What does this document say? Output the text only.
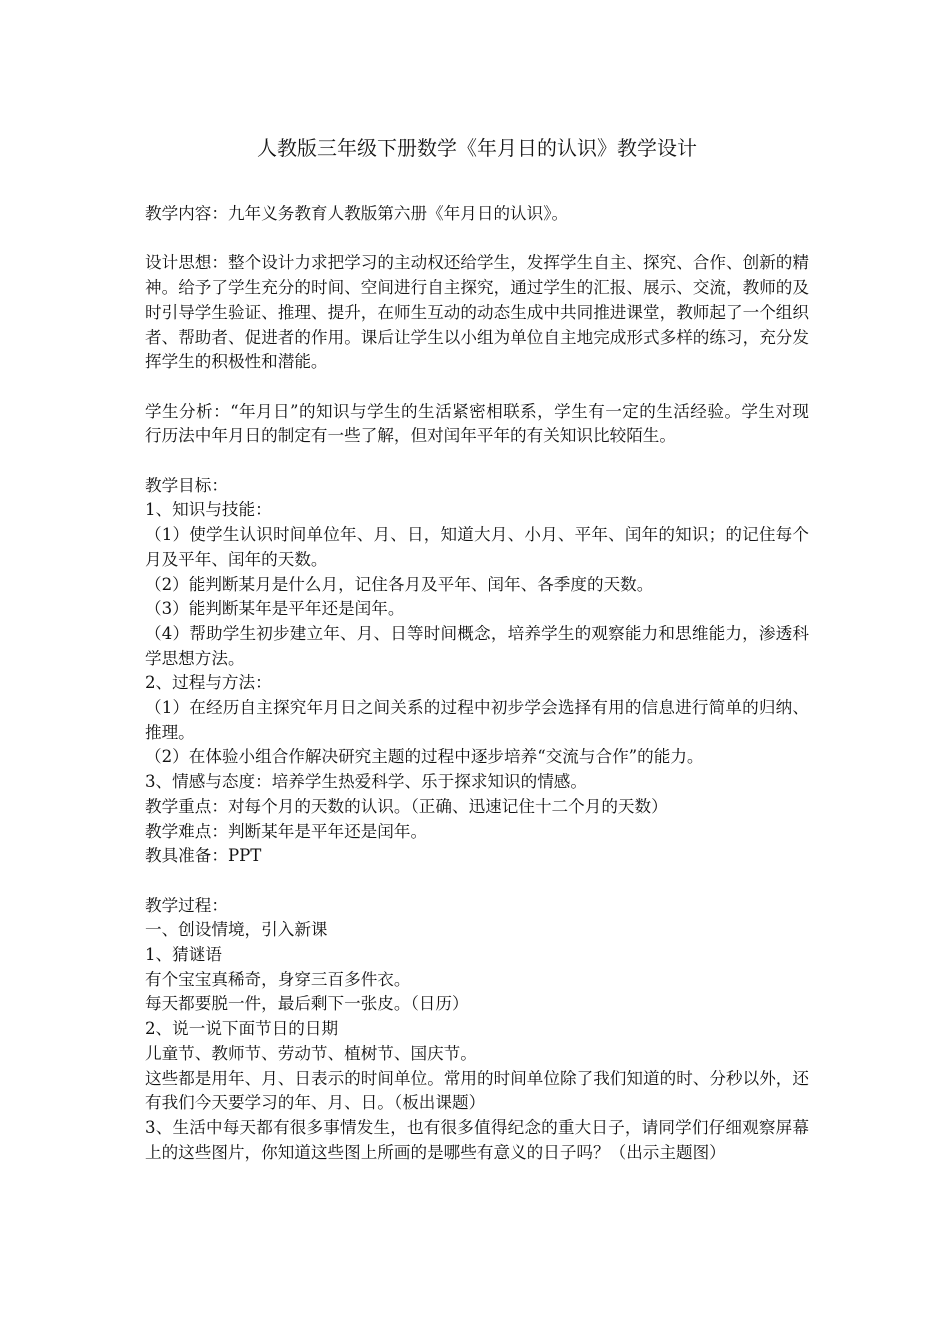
人教版三年级下册数学《年月日的认识》教学设计

教学内容：九年义务教育人教版第六册《年月日的认识》。

设计思想：整个设计力求把学习的主动权还给学生，发挥学生自主、探究、合作、创新的精神。给予了学生充分的时间、空间进行自主探究，通过学生的汇报、展示、交流，教师的及时引导学生验证、推理、提升，在师生互动的动态生成中共同推进课堂，教师起了一个组织者、帮助者、促进者的作用。课后让学生以小组为单位自主地完成形式多样的练习，充分发挥学生的积极性和潜能。

学生分析：“年月日”的知识与学生的生活紧密相联系，学生有一定的生活经验。学生对现行历法中年月日的制定有一些了解，但对闰年平年的有关知识比较陌生。

教学目标：

1、知识与技能：

（1）使学生认识时间单位年、月、日，知道大月、小月、平年、闰年的知识；的记住每个月及平年、闰年的天数。

（2）能判断某月是什么月，记住各月及平年、闰年、各季度的天数。

（3）能判断某年是平年还是闰年。

（4）帮助学生初步建立年、月、日等时间概念，培养学生的观察能力和思维能力，渗透科学思想方法。

2、过程与方法：

（1）在经历自主探究年月日之间关系的过程中初步学会选择有用的信息进行简单的归纳、推理。

（2）在体验小组合作解决研究主题的过程中逐步培养“交流与合作”的能力。

3、情感与态度：培养学生热爱科学、乐于探求知识的情感。

教学重点：对每个月的天数的认识。（正确、迅速记住十二个月的天数）

教学难点：判断某年是平年还是闰年。

教具准备：PPT

教学过程：

一、创设情境，引入新课

1、猜谜语

有个宝宝真稀奇，身穿三百多件衣。

每天都要脱一件，最后剩下一张皮。（日历）

2、说一说下面节日的日期

儿童节、教师节、劳动节、植树节、国庆节。

这些都是用年、月、日表示的时间单位。常用的时间单位除了我们知道的时、分秒以外，还有我们今天要学习的年、月、日。（板出课题）

3、生活中每天都有很多事情发生，也有很多值得纪念的重大日子，请同学们仔细观察屏幕上的这些图片，你知道这些图上所画的是哪些有意义的日子吗？（出示主题图）
